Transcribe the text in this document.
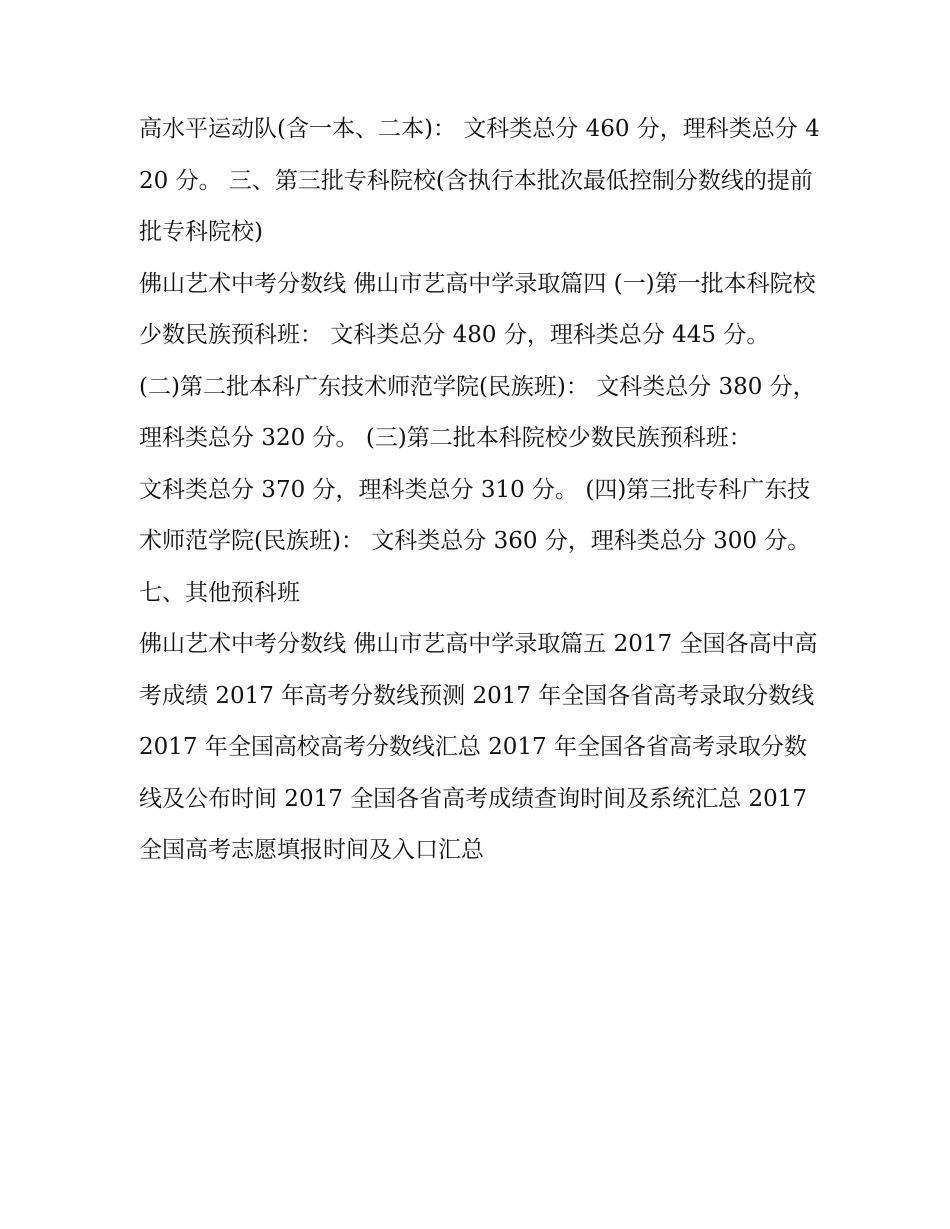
高水平运动队(含一本、二本)： 文科类总分 460 分，理科类总分 420 分。 三、第三批专科院校(含执行本批次最低控制分数线的提前批专科院校)

佛山艺术中考分数线 佛山市艺高中学录取篇四 (一)第一批本科院校少数民族预科班： 文科类总分 480 分，理科类总分 445 分。

(二)第二批本科广东技术师范学院(民族班)： 文科类总分 380 分，理科类总分 320 分。 (三)第二批本科院校少数民族预科班：

文科类总分 370 分，理科类总分 310 分。 (四)第三批专科广东技术师范学院(民族班)： 文科类总分 360 分，理科类总分 300 分。 七、其他预科班

佛山艺术中考分数线 佛山市艺高中学录取篇五 2017 全国各高中高考成绩 2017 年高考分数线预测 2017 年全国各省高考录取分数线

2017 年全国高校高考分数线汇总 2017 年全国各省高考录取分数线及公布时间 2017 全国各省高考成绩查询时间及系统汇总 2017 全国高考志愿填报时间及入口汇总
